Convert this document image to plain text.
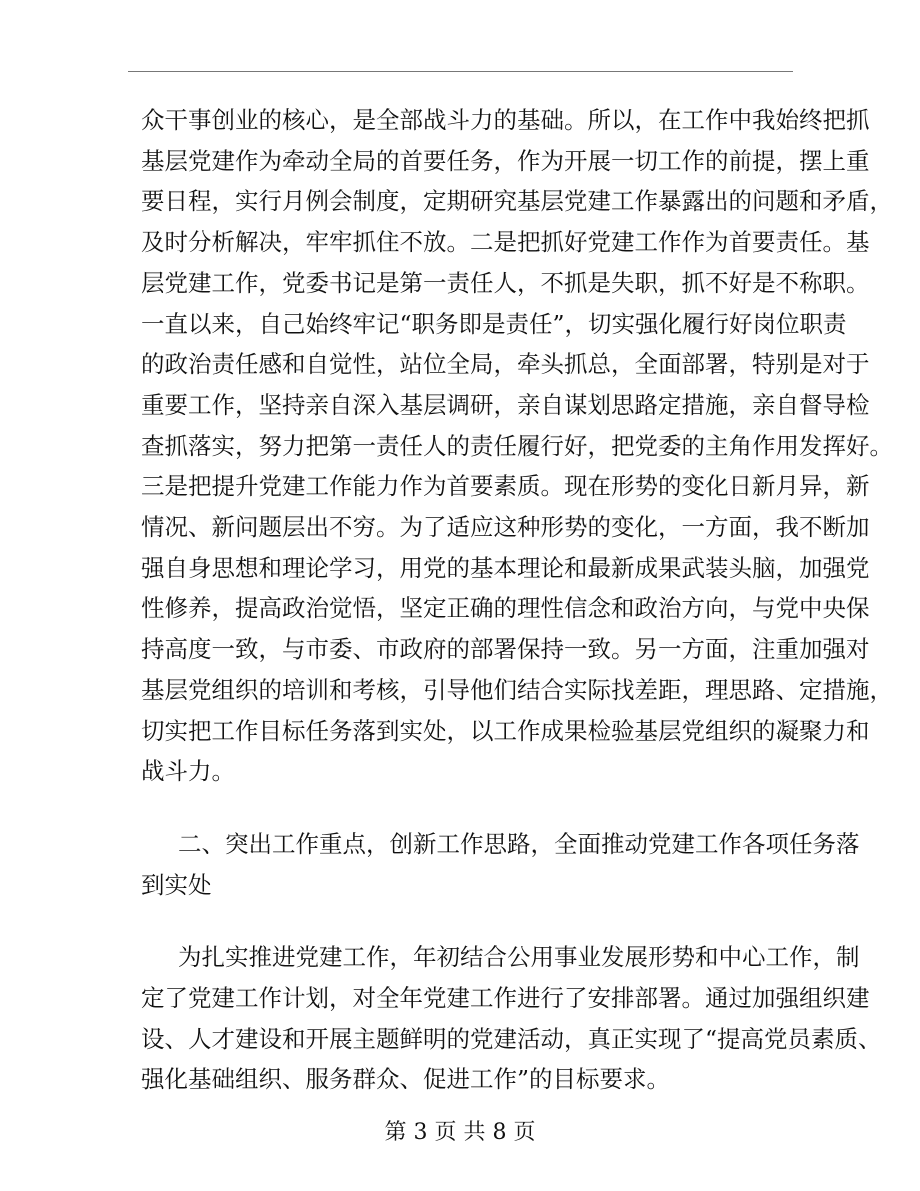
众干事创业的核心，是全部战斗力的基础。所以，在工作中我始终把抓
基层党建作为牵动全局的首要任务，作为开展一切工作的前提，摆上重
要日程，实行月例会制度，定期研究基层党建工作暴露出的问题和矛盾，
及时分析解决，牢牢抓住不放。二是把抓好党建工作作为首要责任。基
层党建工作，党委书记是第一责任人，不抓是失职，抓不好是不称职。
一直以来，自己始终牢记“职务即是责任”，切实强化履行好岗位职责
的政治责任感和自觉性，站位全局，牵头抓总，全面部署，特别是对于
重要工作，坚持亲自深入基层调研，亲自谋划思路定措施，亲自督导检
查抓落实，努力把第一责任人的责任履行好，把党委的主角作用发挥好。
三是把提升党建工作能力作为首要素质。现在形势的变化日新月异，新
情况、新问题层出不穷。为了适应这种形势的变化，一方面，我不断加
强自身思想和理论学习，用党的基本理论和最新成果武装头脑，加强党
性修养，提高政治觉悟，坚定正确的理性信念和政治方向，与党中央保
持高度一致，与市委、市政府的部署保持一致。另一方面，注重加强对
基层党组织的培训和考核，引导他们结合实际找差距，理思路、定措施，
切实把工作目标任务落到实处，以工作成果检验基层党组织的凝聚力和
战斗力。
二、突出工作重点，创新工作思路，全面推动党建工作各项任务落
到实处
为扎实推进党建工作，年初结合公用事业发展形势和中心工作，制
定了党建工作计划，对全年党建工作进行了安排部署。通过加强组织建
设、人才建设和开展主题鲜明的党建活动，真正实现了“提高党员素质、
强化基础组织、服务群众、促进工作”的目标要求。
第 3 页 共 8 页
